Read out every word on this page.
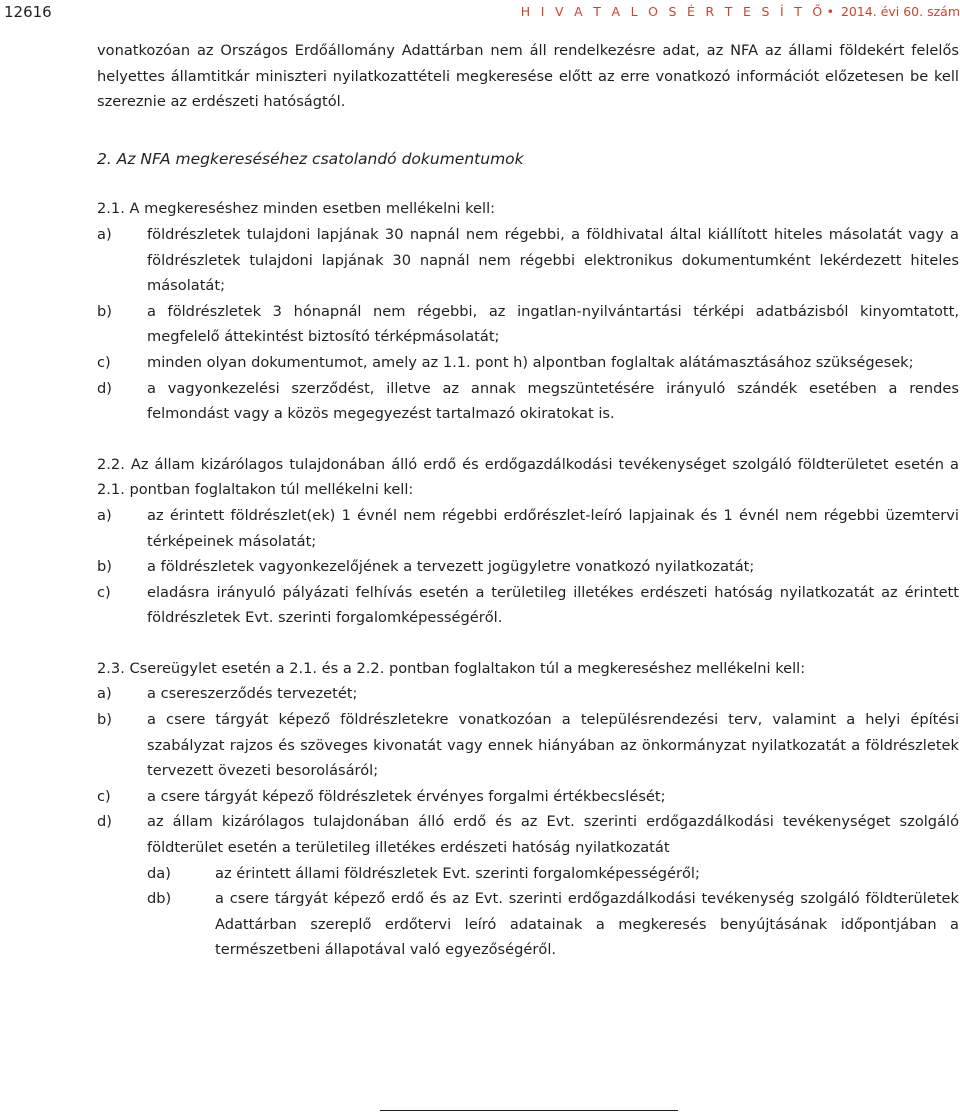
12616	H I V A T A L O S É R T E S Í T Ő• 2014. évi 60. szám

vonatkozóan az Országos Erdőállomány Adattárban nem áll rendelkezésre adat, az NFA az állami földekért felelős helyettes államtitkár miniszteri nyilatkozattételi megkeresése előtt az erre vonatkozó információt előzetesen be kell szereznie az erdészeti hatóságtól.

2. Az NFA megkereséséhez csatolandó dokumentumok

2.1. A megkereséshez minden esetben mellékelni kell:

a)	földrészletek tulajdoni lapjának 30 napnál nem régebbi, a földhivatal által kiállított hiteles másolatát vagy a földrészletek tulajdoni lapjának 30 napnál nem régebbi elektronikus dokumentumként lekérdezett hiteles másolatát;
b)	a földrészletek 3 hónapnál nem régebbi, az ingatlan-nyilvántartási térképi adatbázisból kinyomtatott, megfelelő áttekintést biztosító térképmásolatát;
c)	minden olyan dokumentumot, amely az 1.1. pont h) alpontban foglaltak alátámasztásához szükségesek;
d)	a vagyonkezelési szerződést, illetve az annak megszüntetésére irányuló szándék esetében a rendes felmondást vagy a közös megegyezést tartalmazó okiratokat is.

2.2. Az állam kizárólagos tulajdonában álló erdő és erdőgazdálkodási tevékenységet szolgáló földterületet esetén a 2.1. pontban foglaltakon túl mellékelni kell:

a)	az érintett földrészlet(ek) 1 évnél nem régebbi erdőrészlet-leíró lapjainak és 1 évnél nem régebbi üzemtervi térképeinek másolatát;
b)	a földrészletek vagyonkezelőjének a tervezett jogügyletre vonatkozó nyilatkozatát;
c)	eladásra irányuló pályázati felhívás esetén a területileg illetékes erdészeti hatóság nyilatkozatát az érintett földrészletek Evt. szerinti forgalomképességéről.

2.3. Csereügylet esetén a 2.1. és a 2.2. pontban foglaltakon túl a megkereséshez mellékelni kell:

a)	a csereszerződés tervezetét;
b)	a csere tárgyát képező földrészletekre vonatkozóan a településrendezési terv, valamint a helyi építési szabályzat rajzos és szöveges kivonatát vagy ennek hiányában az önkormányzat nyilatkozatát a földrészletek tervezett övezeti besorolásáról;
c)	a csere tárgyát képező földrészletek érvényes forgalmi értékbecslését;
d)	az állam kizárólagos tulajdonában álló erdő és az Evt. szerinti erdőgazdálkodási tevékenységet szolgáló földterület esetén a területileg illetékes erdészeti hatóság nyilatkozatát
da)	az érintett állami földrészletek Evt. szerinti forgalomképességéről;
db)	a csere tárgyát képező erdő és az Evt. szerinti erdőgazdálkodási tevékenység szolgáló földterületek Adattárban szereplő erdőtervi leíró adatainak a megkeresés benyújtásának időpontjában a természetbeni állapotával való egyezőségéről.
